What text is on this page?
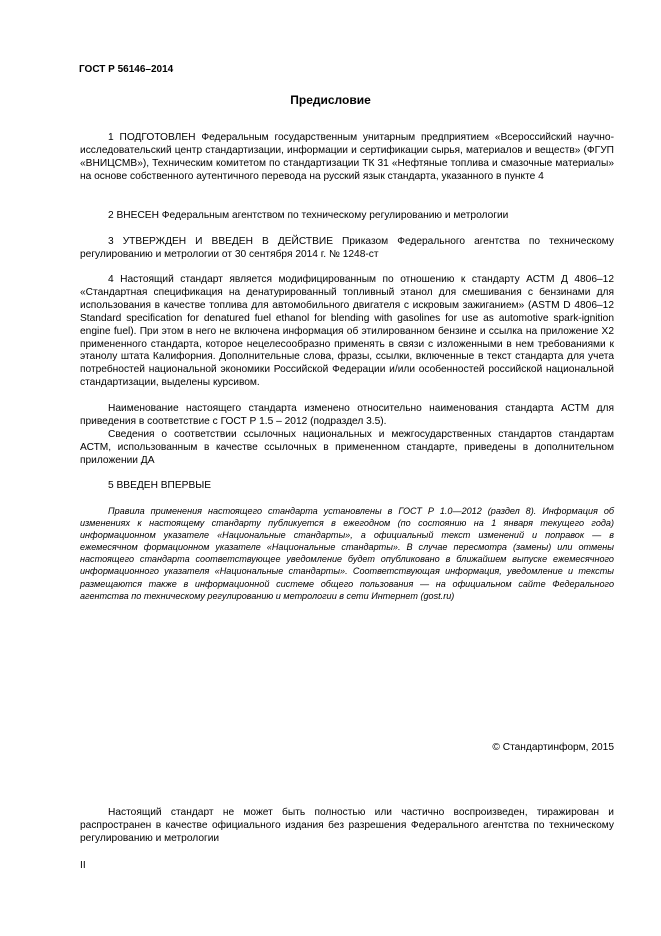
ГОСТ Р 56146–2014
Предисловие

1 ПОДГОТОВЛЕН Федеральным государственным унитарным предприятием «Всероссийский научно-исследовательский центр стандартизации, информации и сертификации сырья, материалов и веществ» (ФГУП «ВНИЦСМВ»), Техническим комитетом по стандартизации ТК 31 «Нефтяные топлива и смазочные материалы» на основе собственного аутентичного перевода на русский язык стандарта, указанного в пункте 4

2 ВНЕСЕН Федеральным агентством по техническому регулированию и метрологии

3 УТВЕРЖДЕН И ВВЕДЕН В ДЕЙСТВИЕ Приказом Федерального агентства по техническому регулированию и метрологии от 30 сентября 2014 г. № 1248-ст

4 Настоящий стандарт является модифицированным по отношению к стандарту АСТМ Д 4806–12 «Стандартная спецификация на денатурированный топливный этанол для смешивания с бензинами для использования в качестве топлива для автомобильного двигателя с искровым зажиганием» (ASTM D 4806–12 Standard specification for denatured fuel ethanol for blending with gasolines for use as automotive spark-ignition engine fuel). При этом в него не включена информация об этилированном бензине и ссылка на приложение Х2 примененного стандарта, которое нецелесообразно применять в связи с изложенными в нем требованиями к этанолу штата Калифорния. Дополнительные слова, фразы, ссылки, включенные в текст стандарта для учета потребностей национальной экономики Российской Федерации и/или особенностей российской национальной стандартизации, выделены курсивом.

Наименование настоящего стандарта изменено относительно наименования стандарта АСТМ для приведения в соответствие с ГОСТ Р 1.5 – 2012 (подраздел 3.5).

Сведения о соответствии ссылочных национальных и межгосударственных стандартов стандартам АСТМ, использованным в качестве ссылочных в примененном стандарте, приведены в дополнительном приложении ДА

5 ВВЕДЕН ВПЕРВЫЕ

Правила применения настоящего стандарта установлены в ГОСТ Р 1.0—2012 (раздел 8). Информация об изменениях к настоящему стандарту публикуется в ежегодном (по состоянию на 1 января текущего года) информационном указателе «Национальные стандарты», а официальный текст изменений и поправок — в ежемесячном формационном указателе «Национальные стандарты». В случае пересмотра (замены) или отмены настоящего стандарта соответствующее уведомление будет опубликовано в ближайшем выпуске ежемесячного информационного указателя «Национальные стандарты». Соответствующая информация, уведомление и тексты размещаются также в информационной системе общего пользования — на официальном сайте Федерального агентства по техническому регулированию и метрологии в сети Интернет (gost.ru)

© Стандартинформ, 2015

Настоящий стандарт не может быть полностью или частично воспроизведен, тиражирован и распространен в качестве официального издания без разрешения Федерального агентства по техническому регулированию и метрологии

II
